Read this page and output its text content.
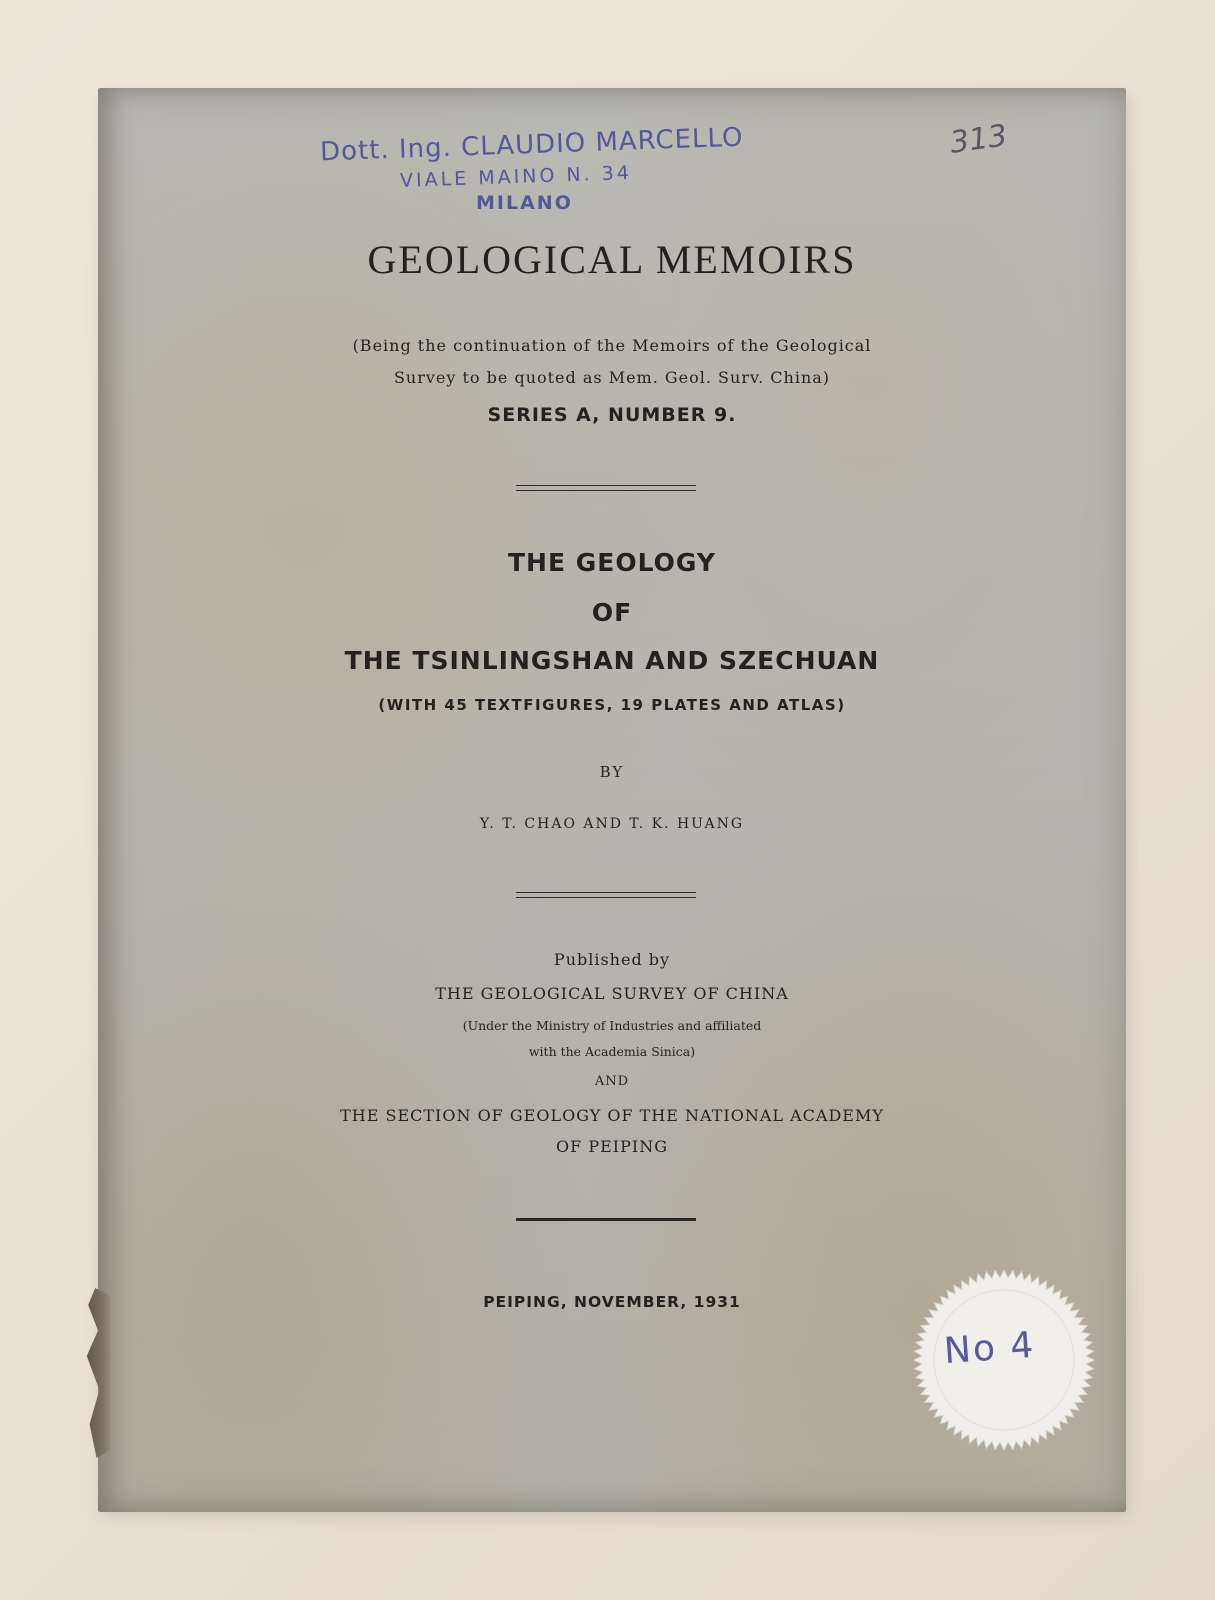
Dott. Ing. CLAUDIO MARCELLO
VIALE MAINO N. 34
MILANO
313
GEOLOGICAL MEMOIRS
(Being the continuation of the Memoirs of the Geological
Survey to be quoted as Mem. Geol. Surv. China)
SERIES A, NUMBER 9.
THE GEOLOGY
OF
THE TSINLINGSHAN AND SZECHUAN
(WITH 45 TEXTFIGURES, 19 PLATES AND ATLAS)
BY
Y. T. CHAO AND T. K. HUANG
Published by
THE GEOLOGICAL SURVEY OF CHINA
(Under the Ministry of Industries and affiliated
with the Academia Sinica)
AND
THE SECTION OF GEOLOGY OF THE NATIONAL ACADEMY
OF PEIPING
PEIPING, NOVEMBER, 1931
No 4
